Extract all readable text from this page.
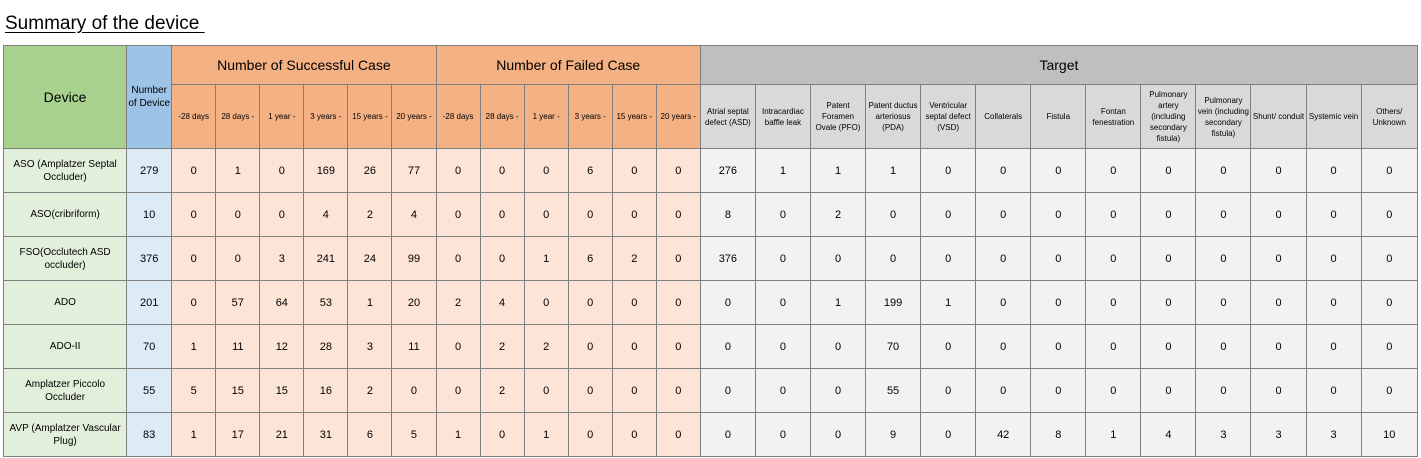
Summary of the device
Device	Number of Device	Number of Successful Case						Number of Failed Case						Target												
		-28 days	28 days -	1 year -	3 years -	15 years -	20 years -	-28 days	28 days -	1 year -	3 years -	15 years -	20 years -	Atrial septal defect (ASD)	Intracardiac baffle leak	Patent Foramen Ovale (PFO)	Patent ductus arteriosus (PDA)	Ventricular septal defect (VSD)	Collaterals	Fistula	Fontan fenestration	Pulmonary artery (including secondary fistula)	Pulmonary vein (including secondary fistula)	Shunt/ conduit	Systemic vein	Others/ Unknown
ASO (Amplatzer Septal Occluder)	279	0	1	0	169	26	77	0	0	0	6	0	0	276	1	1	1	0	0	0	0	0	0	0	0	0
ASO(cribriform)	10	0	0	0	4	2	4	0	0	0	0	0	0	8	0	2	0	0	0	0	0	0	0	0	0	0
FSO(Occlutech ASD occluder)	376	0	0	3	241	24	99	0	0	1	6	2	0	376	0	0	0	0	0	0	0	0	0	0	0	0
ADO	201	0	57	64	53	1	20	2	4	0	0	0	0	0	0	1	199	1	0	0	0	0	0	0	0	0
ADO-II	70	1	11	12	28	3	11	0	2	2	0	0	0	0	0	0	70	0	0	0	0	0	0	0	0	0
Amplatzer Piccolo Occluder	55	5	15	15	16	2	0	0	2	0	0	0	0	0	0	0	55	0	0	0	0	0	0	0	0	0
AVP (Amplatzer Vascular Plug)	83	1	17	21	31	6	5	1	0	1	0	0	0	0	0	0	9	0	42	8	1	4	3	3	3	10
